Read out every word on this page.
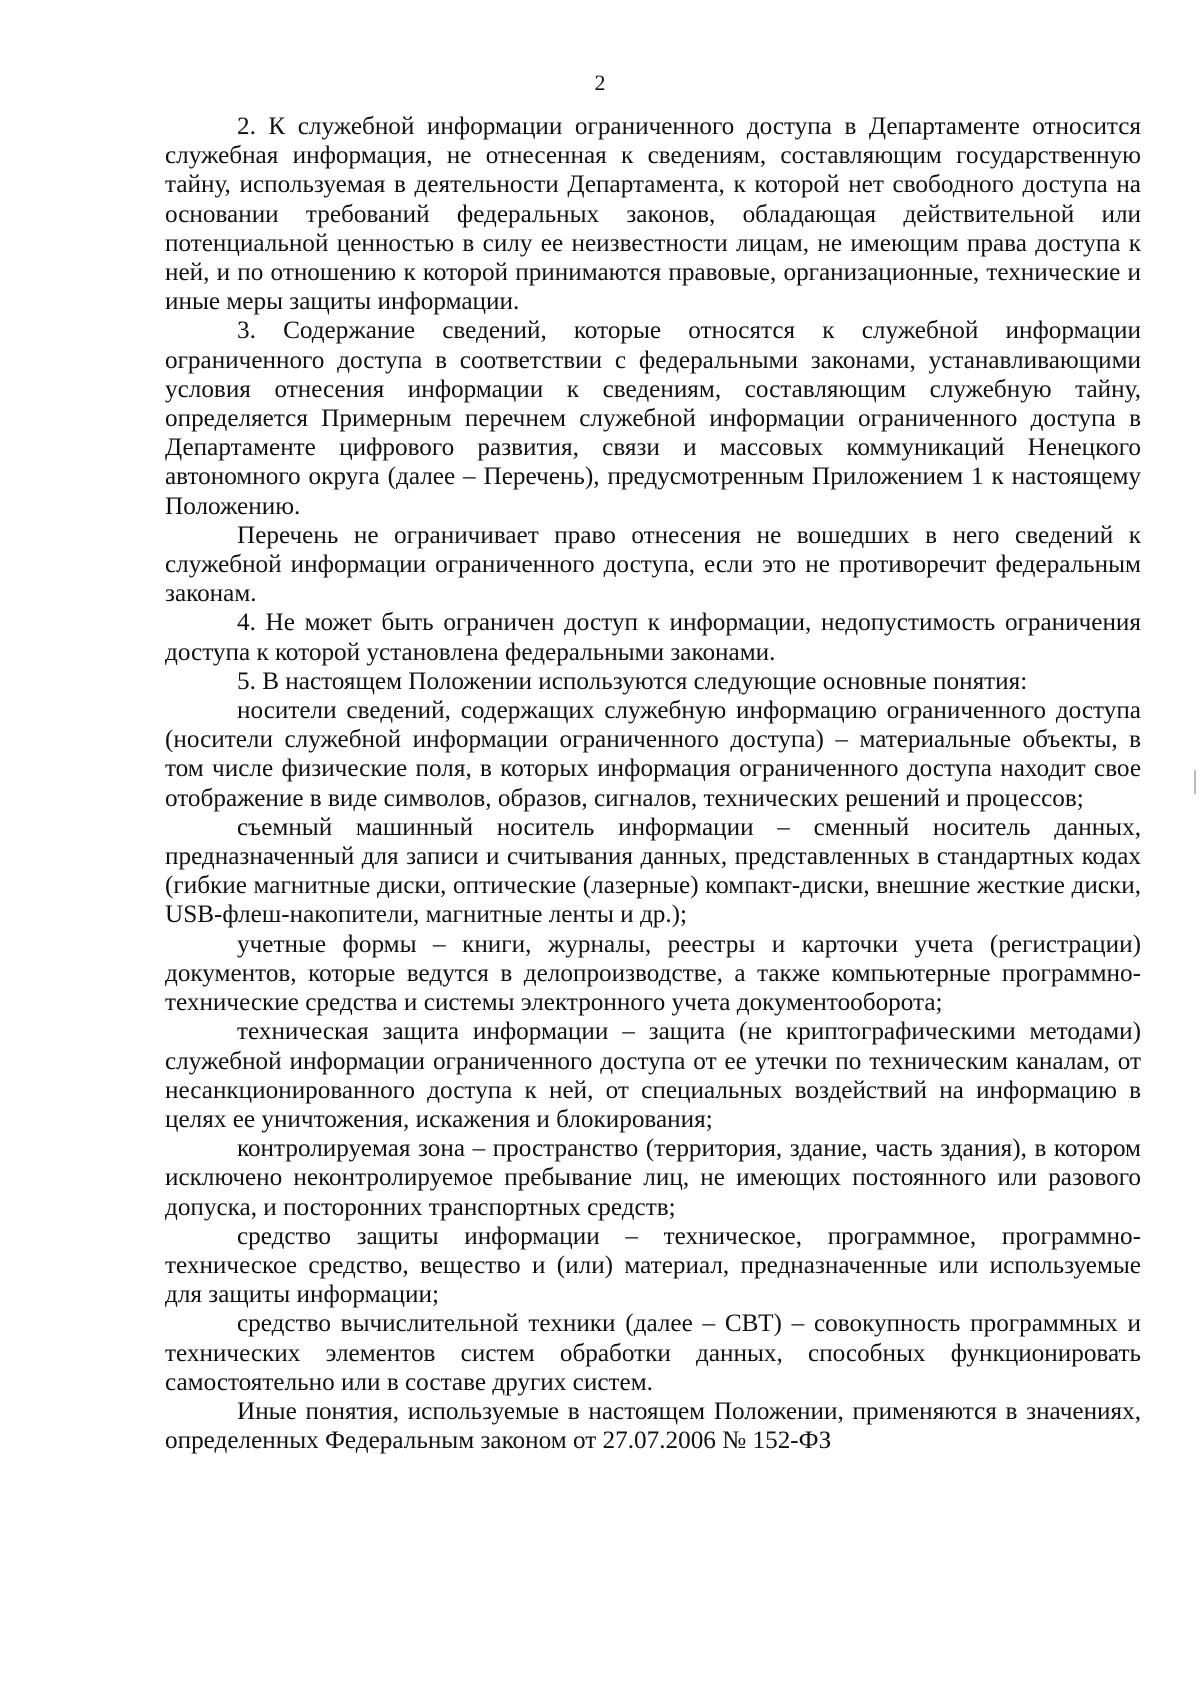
2

2. К служебной информации ограниченного доступа в Департаменте относится служебная информация, не отнесенная к сведениям, составляющим государственную тайну, используемая в деятельности Департамента, к которой нет свободного доступа на основании требований федеральных законов, обладающая действительной или потенциальной ценностью в силу ее неизвестности лицам, не имеющим права доступа к ней, и по отношению к которой принимаются правовые, организационные, технические и иные меры защиты информации.

3. Содержание сведений, которые относятся к служебной информации ограниченного доступа в соответствии с федеральными законами, устанавливающими условия отнесения информации к сведениям, составляющим служебную тайну, определяется Примерным перечнем служебной информации ограниченного доступа в Департаменте цифрового развития, связи и массовых коммуникаций Ненецкого автономного округа (далее – Перечень), предусмотренным Приложением 1 к настоящему Положению.

Перечень не ограничивает право отнесения не вошедших в него сведений к служебной информации ограниченного доступа, если это не противоречит федеральным законам.

4. Не может быть ограничен доступ к информации, недопустимость ограничения доступа к которой установлена федеральными законами.

5. В настоящем Положении используются следующие основные понятия:

носители сведений, содержащих служебную информацию ограниченного доступа (носители служебной информации ограниченного доступа) – материальные объекты, в том числе физические поля, в которых информация ограниченного доступа находит свое отображение в виде символов, образов, сигналов, технических решений и процессов;

съемный машинный носитель информации – сменный носитель данных, предназначенный для записи и считывания данных, представленных в стандартных кодах (гибкие магнитные диски, оптические (лазерные) компакт-диски, внешние жесткие диски, USB-флеш-накопители, магнитные ленты и др.);

учетные формы – книги, журналы, реестры и карточки учета (регистрации) документов, которые ведутся в делопроизводстве, а также компьютерные программно-технические средства и системы электронного учета документооборота;

техническая защита информации – защита (не криптографическими методами) служебной информации ограниченного доступа от ее утечки по техническим каналам, от несанкционированного доступа к ней, от специальных воздействий на информацию в целях ее уничтожения, искажения и блокирования;

контролируемая зона – пространство (территория, здание, часть здания), в котором исключено неконтролируемое пребывание лиц, не имеющих постоянного или разового допуска, и посторонних транспортных средств;

средство защиты информации – техническое, программное, программно-техническое средство, вещество и (или) материал, предназначенные или используемые для защиты информации;

средство вычислительной техники (далее – СВТ) – совокупность программных и технических элементов систем обработки данных, способных функционировать самостоятельно или в составе других систем.

Иные понятия, используемые в настоящем Положении, применяются в значениях, определенных Федеральным законом от 27.07.2006 № 152-ФЗ
